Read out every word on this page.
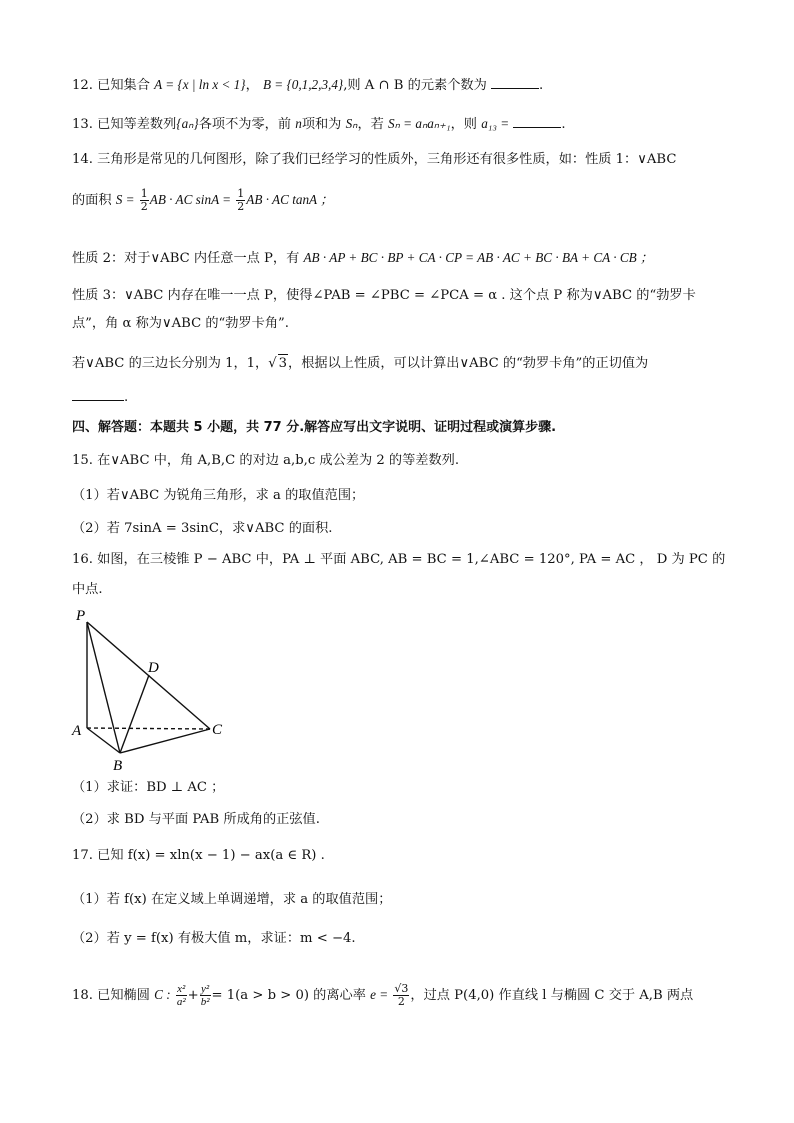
12. 已知集合 A = {x | ln x < 1}， B = {0,1,2,3,4},则 A ∩ B 的元素个数为	.
13. 已知等差数列{aₙ}各项不为零，前 n项和为 Sₙ，若 Sₙ = aₙaₙ₊₁，则 a₁₃ =	.
14. 三角形是常见的几何图形，除了我们已经学习的性质外，三角形还有很多性质，如：性质 1：∨ABC
的面积 $S = \frac{1}{2}$ AB · AC $\sin A = \frac{1}{2}$ AB · AC tanA ；
性质 2：对于∨ABC 内任意一点 P，有 AB · AP + BC · BP + CA · CP = AB · AC + BC · BA + CA · CB ；
性质 3：∨ABC 内存在唯一一点 P，使得∠PAB = ∠PBC = ∠PCA = α . 这个点 P 称为∨ABC 的“勃罗卡
点”，角 α 称为∨ABC 的“勃罗卡角”.
若∨ABC 的三边长分别为 1，1，√ 3，根据以上性质，可以计算出∨ABC 的“勃罗卡角”的正切值为
.
四、解答题：本题共 5 小题，共 77 分.解答应写出文字说明、证明过程或演算步骤.
15. 在∨ABC 中，角 A,B,C 的对边 a,b,c 成公差为 2 的等差数列.
（1）若∨ABC 为锐角三角形，求 a 的取值范围；
（2）若 7sinA = 3sinC，求∨ABC 的面积.
16. 如图，在三棱锥 P − ABC 中，PA ⊥ 平面 ABC, AB = BC = 1,∠ABC = 120°, PA = AC ， D 为 PC 的
中点.
P
D
A	C
B
（1）求证：BD ⊥ AC ；
（2）求 BD 与平面 PAB 所成角的正弦值.
17. 已知 f(x) = xln(x − 1) − ax(a ∈ R) .
（1）若 f(x) 在定义域上单调递增，求 a 的取值范围；
（2）若 y = f(x) 有极大值 m，求证：m < −4.
18. 已知椭圆 C : $\frac{\text{x²}}{\text{a²}} + \frac{\text{y²}}{\text{b²}} = 1(a > b > 0)$ 的离心率 $e = \frac{√3}{2}$ ，过点 P(4,0) 作直线 l 与椭圆 C 交于 A,B 两点
